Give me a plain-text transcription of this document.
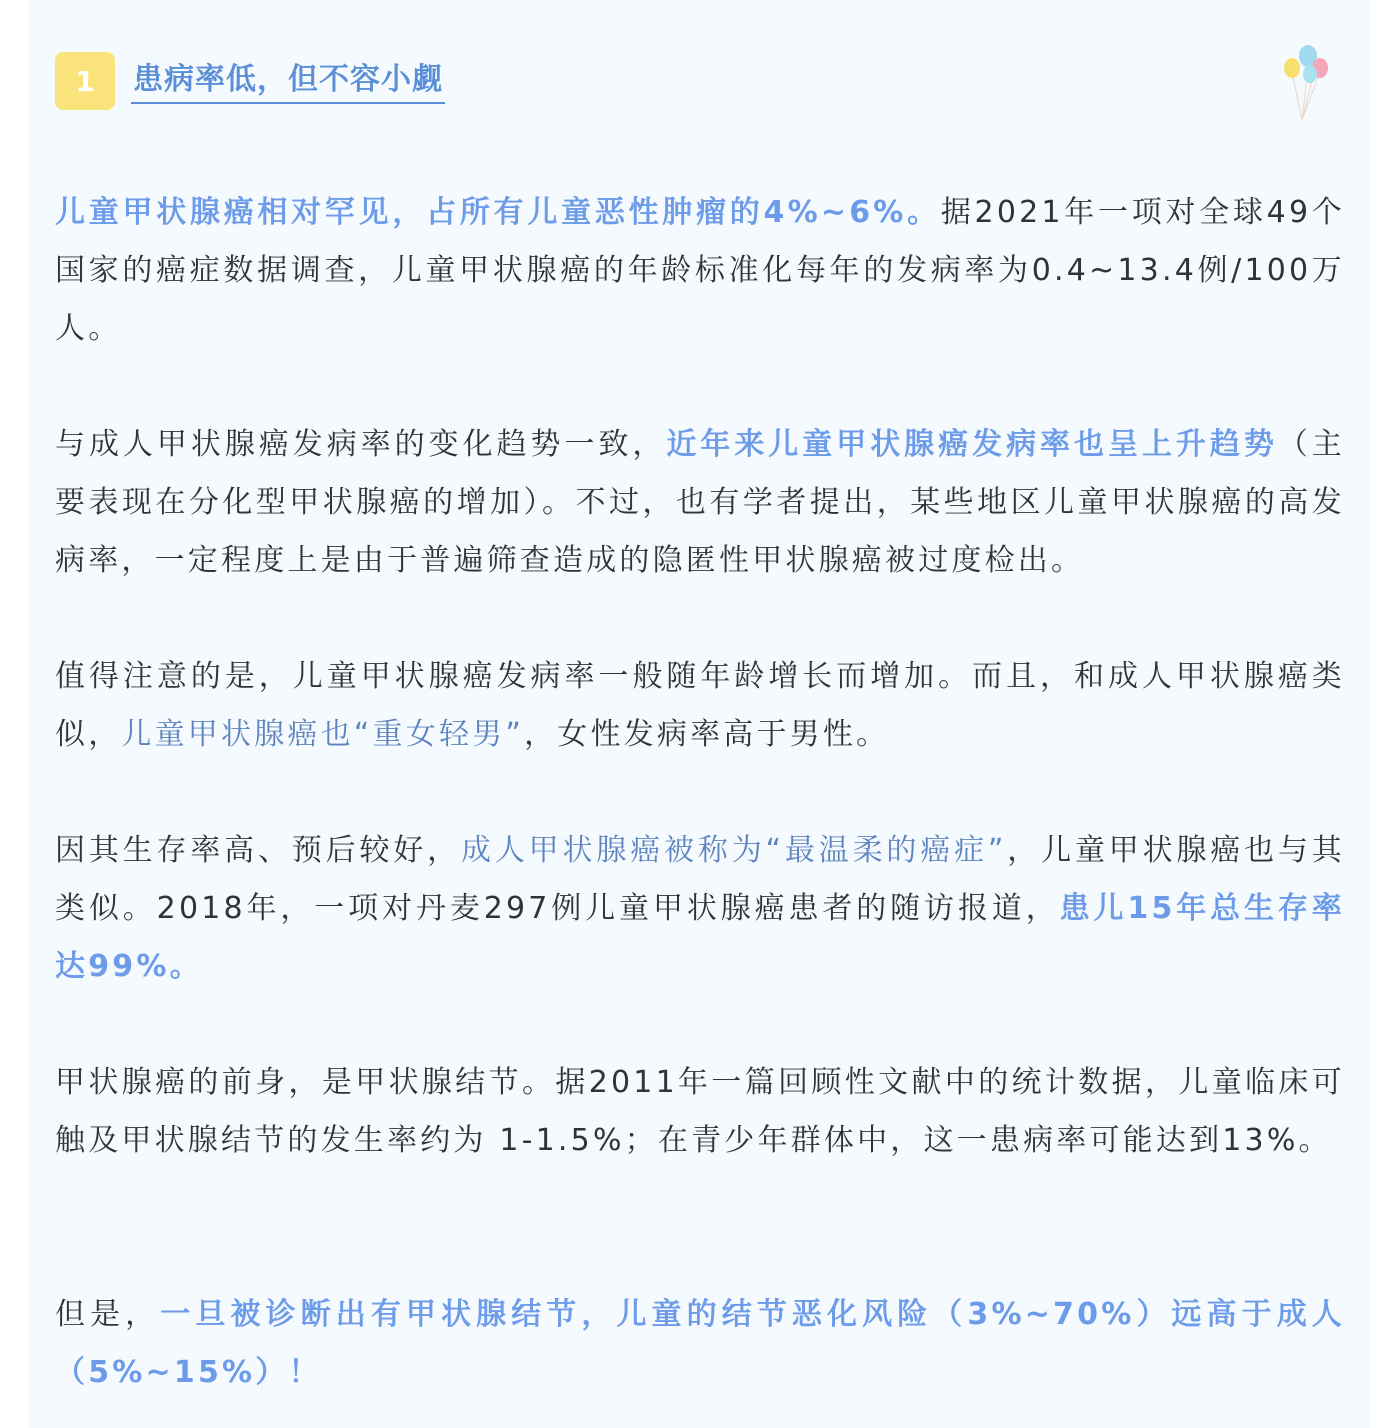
1	患病率低，但不容小觑

儿童甲状腺癌相对罕见，占所有儿童恶性肿瘤的4%~6%。据2021年一项对全球49个国家的癌症数据调查，儿童甲状腺癌的年龄标准化每年的发病率为0.4~13.4例/100万人。

与成人甲状腺癌发病率的变化趋势一致，近年来儿童甲状腺癌发病率也呈上升趋势（主要表现在分化型甲状腺癌的增加）。不过，也有学者提出，某些地区儿童甲状腺癌的高发病率，一定程度上是由于普遍筛查造成的隐匿性甲状腺癌被过度检出。

值得注意的是，儿童甲状腺癌发病率一般随年龄增长而增加。而且，和成人甲状腺癌类似，儿童甲状腺癌也“重女轻男”，女性发病率高于男性。

因其生存率高、预后较好，成人甲状腺癌被称为“最温柔的癌症”，儿童甲状腺癌也与其类似。2018年，一项对丹麦297例儿童甲状腺癌患者的随访报道，患儿15年总生存率达99%。

甲状腺癌的前身，是甲状腺结节。据2011年一篇回顾性文献中的统计数据，儿童临床可触及甲状腺结节的发生率约为 1-1.5%；在青少年群体中，这一患病率可能达到13%。

但是，一旦被诊断出有甲状腺结节，儿童的结节恶化风险（3%~70%）远高于成人（5%~15%）！
